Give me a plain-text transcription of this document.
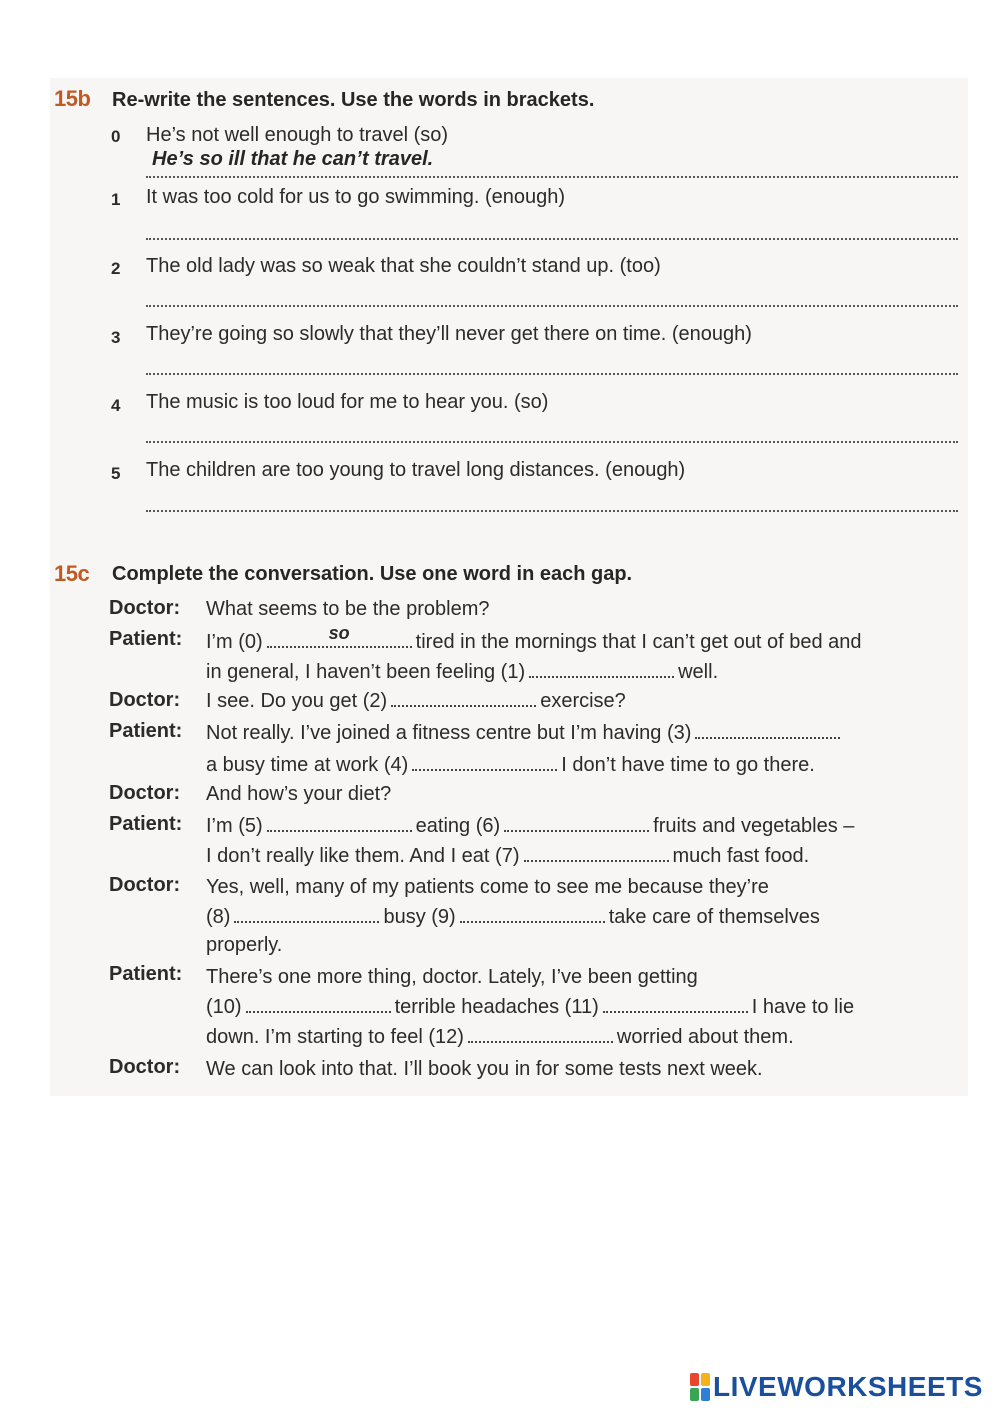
15b Re-write the sentences. Use the words in brackets.
0 He’s not well enough to travel (so)
He’s so ill that he can’t travel.
1 It was too cold for us to go swimming. (enough)
2 The old lady was so weak that she couldn’t stand up. (too)
3 They’re going so slowly that they’ll never get there on time. (enough)
4 The music is too loud for me to hear you. (so)
5 The children are too young to travel long distances. (enough)
15c Complete the conversation. Use one word in each gap.
Doctor: What seems to be the problem?
Patient: I’m (0)	so	tired in the mornings that I can’t get out of bed and
in general, I haven’t been feeling (1)	well.
Doctor: I see. Do you get (2)	exercise?
Patient: Not really. I’ve joined a fitness centre but I’m having (3)
a busy time at work (4)	I don’t have time to go there.
Doctor: And how’s your diet?
Patient: I’m (5)	eating (6)	fruits and vegetables –
I don’t really like them. And I eat (7)	much fast food.
Doctor: Yes, well, many of my patients come to see me because they’re
(8)	busy (9)	take care of themselves
properly.
Patient: There’s one more thing, doctor. Lately, I’ve been getting
(10)	terrible headaches (11)	I have to lie
down. I’m starting to feel (12)	worried about them.
Doctor: We can look into that. I’ll book you in for some tests next week.
LIVEWORKSHEETS
